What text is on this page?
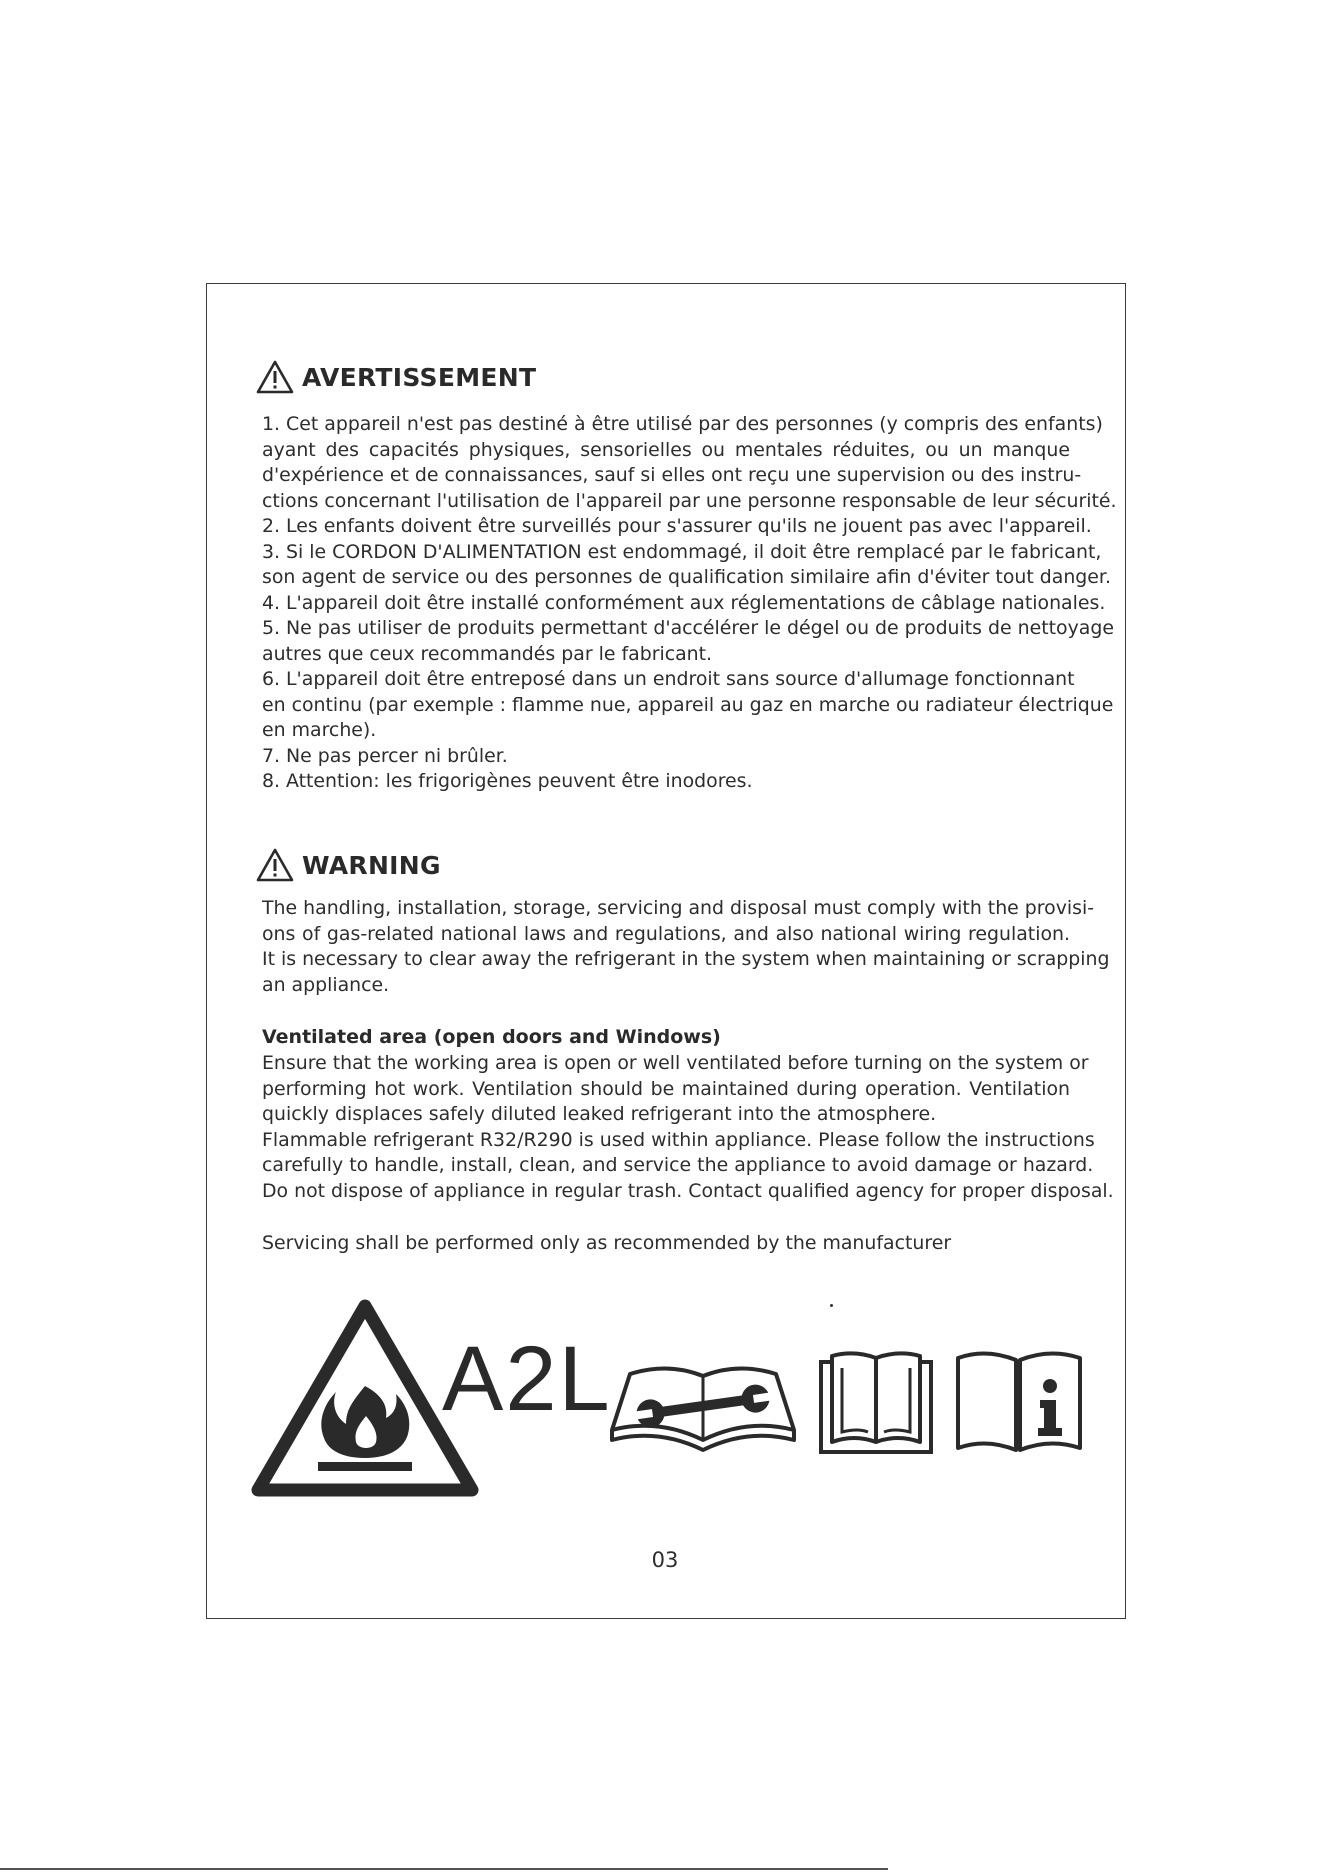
AVERTISSEMENT
1. Cet appareil n'est pas destiné à être utilisé par des personnes (y compris des enfants)
ayant des capacités physiques, sensorielles ou mentales réduites, ou un manque
d'expérience et de connaissances, sauf si elles ont reçu une supervision ou des instru-
ctions concernant l'utilisation de l'appareil par une personne responsable de leur sécurité.
2. Les enfants doivent être surveillés pour s'assurer qu'ils ne jouent pas avec l'appareil.
3. Si le CORDON D'ALIMENTATION est endommagé, il doit être remplacé par le fabricant,
son agent de service ou des personnes de qualification similaire afin d'éviter tout danger.
4. L'appareil doit être installé conformément aux réglementations de câblage nationales.
5. Ne pas utiliser de produits permettant d'accélérer le dégel ou de produits de nettoyage
autres que ceux recommandés par le fabricant.
6. L'appareil doit être entreposé dans un endroit sans source d'allumage fonctionnant
en continu (par exemple : flamme nue, appareil au gaz en marche ou radiateur électrique
en marche).
7. Ne pas percer ni brûler.
8. Attention: les frigorigènes peuvent être inodores.
WARNING
The handling, installation, storage, servicing and disposal must comply with the provisi-
ons of gas-related national laws and regulations, and also national wiring regulation.
It is necessary to clear away the refrigerant in the system when maintaining or scrapping
an appliance.
Ventilated area (open doors and Windows)
Ensure that the working area is open or well ventilated before turning on the system or
performing hot work. Ventilation should be maintained during operation. Ventilation
quickly displaces safely diluted leaked refrigerant into the atmosphere.
Flammable refrigerant R32/R290 is used within appliance. Please follow the instructions
carefully to handle, install, clean, and service the appliance to avoid damage or hazard.
Do not dispose of appliance in regular trash. Contact qualified agency for proper disposal.
Servicing shall be performed only as recommended by the manufacturer
A2L
03
